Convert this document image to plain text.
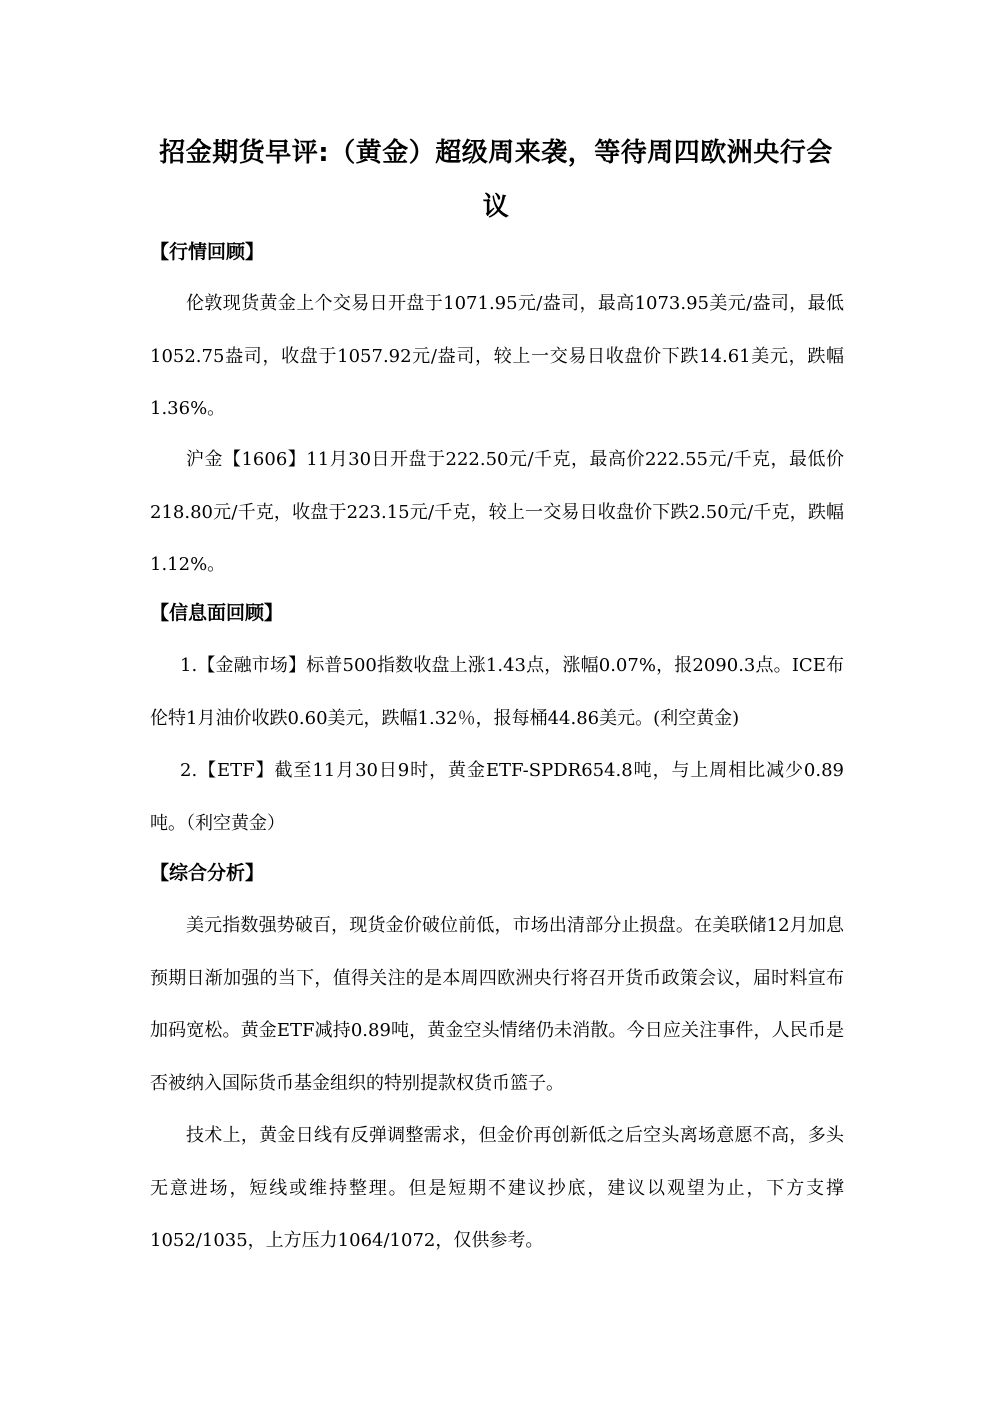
招金期货早评:（黄金）超级周来袭，等待周四欧洲央行会议
【行情回顾】

伦敦现货黄金上个交易日开盘于1071.95元/盎司，最高1073.95美元/盎司，最低1052.75盎司，收盘于1057.92元/盎司，较上一交易日收盘价下跌14.61美元，跌幅1.36%。

沪金【1606】11月30日开盘于222.50元/千克，最高价222.55元/千克，最低价218.80元/千克，收盘于223.15元/千克，较上一交易日收盘价下跌2.50元/千克，跌幅1.12%。

【信息面回顾】

1.【金融市场】标普500指数收盘上涨1.43点，涨幅0.07%，报2090.3点。ICE布伦特1月油价收跌0.60美元，跌幅1.32％，报每桶44.86美元。(利空黄金)

2.【ETF】截至11月30日9时，黄金ETF-SPDR654.8吨，与上周相比减少0.89吨。（利空黄金）

【综合分析】

美元指数强势破百，现货金价破位前低，市场出清部分止损盘。在美联储12月加息预期日渐加强的当下，值得关注的是本周四欧洲央行将召开货币政策会议，届时料宣布加码宽松。黄金ETF减持0.89吨，黄金空头情绪仍未消散。今日应关注事件，人民币是否被纳入国际货币基金组织的特别提款权货币篮子。

技术上，黄金日线有反弹调整需求，但金价再创新低之后空头离场意愿不高，多头无意进场，短线或维持整理。但是短期不建议抄底，建议以观望为止，下方支撑1052/1035，上方压力1064/1072，仅供参考。
